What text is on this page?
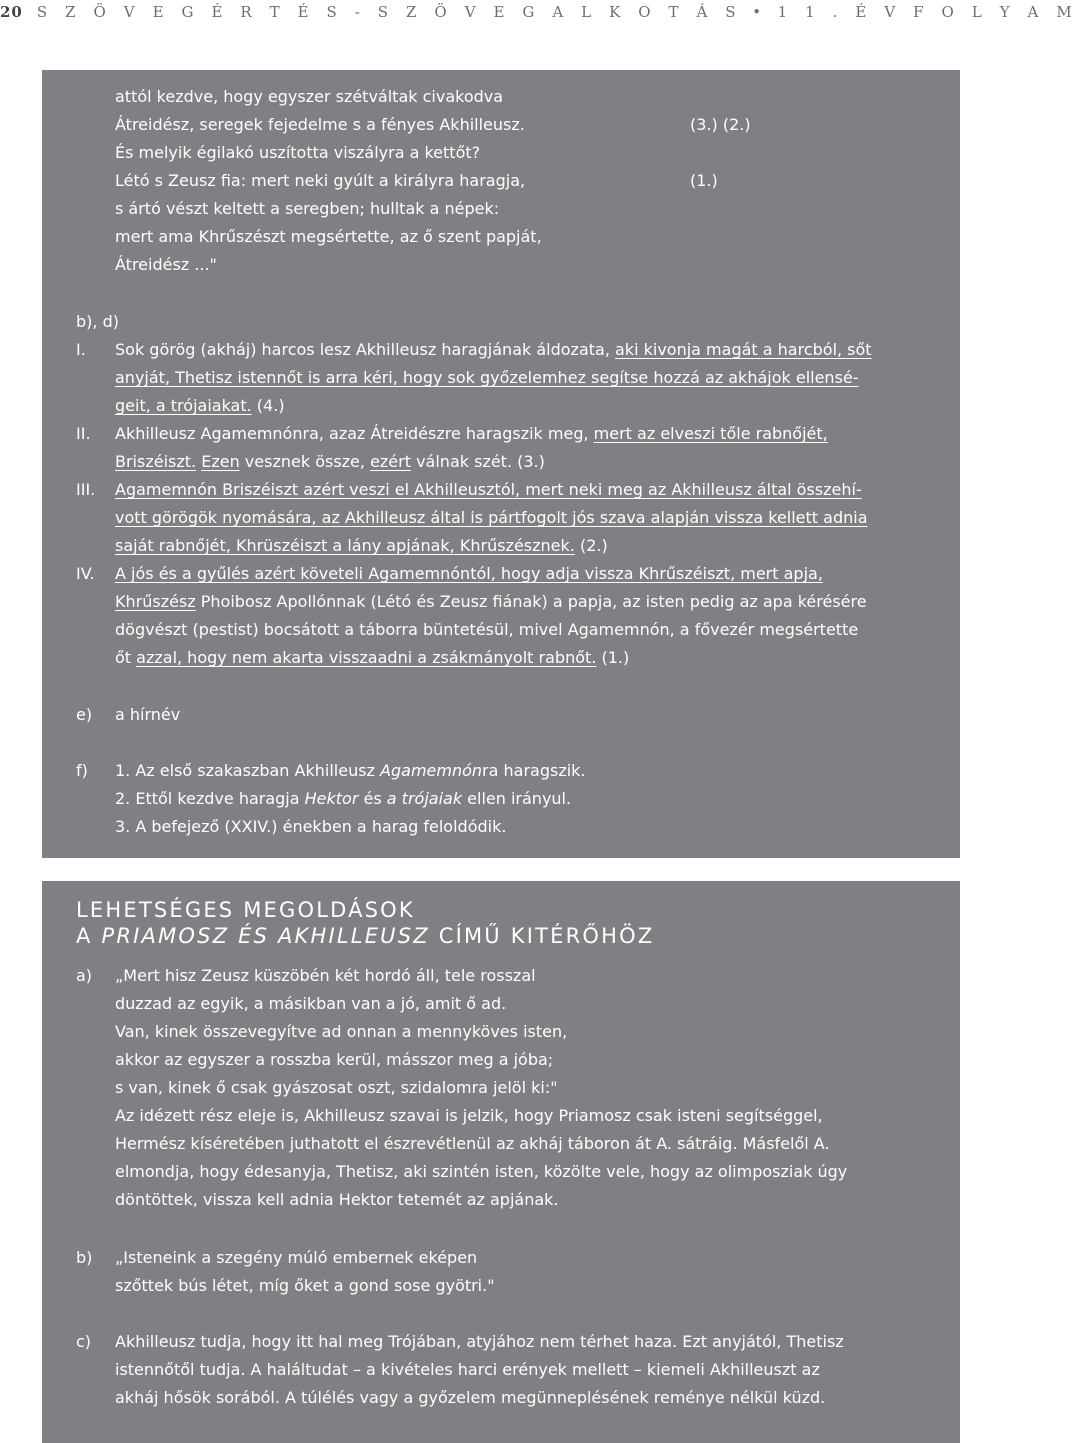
20 S Z Ö V E G É R T É S - S Z Ö V E G A L K O T Á S • 1 1 . É V F O L Y A M
attól kezdve, hogy egyszer szétváltak civakodva
Átreidész, seregek fejedelme s a fényes Akhilleusz.
És melyik égilakó uszította viszályra a kettőt?
Létó s Zeusz fia: mert neki gyúlt a királyra haragja,
s ártó vészt keltett a seregben; hulltak a népek:
mert ama Khrűszészt megsértette, az ő szent papját,
Átreidész ..."
(3.) (2.)
(1.)
b), d)
I. Sok görög (akháj) harcos lesz Akhilleusz haragjának áldozata, aki kivonja magát a harcból, sőt
anyját, Thetisz istennőt is arra kéri, hogy sok győzelemhez segítse hozzá az akhájok ellensé-
geit, a trójaiakat. (4.)
II. Akhilleusz Agamemnónra, azaz Átreidészre haragszik meg, mert az elveszi tőle rabnőjét,
Briszéiszt. Ezen vesznek össze, ezért válnak szét. (3.)
III. Agamemnón Briszéiszt azért veszi el Akhilleusztól, mert neki meg az Akhilleusz által összehí-
vott görögök nyomására, az Akhilleusz által is pártfogolt jós szava alapján vissza kellett adnia
saját rabnőjét, Khrüszéiszt a lány apjának, Khrűszésznek. (2.)
IV. A jós és a gyűlés azért követeli Agamemnóntól, hogy adja vissza Khrűszéiszt, mert apja,
Khrűszész Phoibosz Apollónnak (Létó és Zeusz fiának) a papja, az isten pedig az apa kérésére
dögvészt (pestist) bocsátott a táborra büntetésül, mivel Agamemnón, a fővezér megsértette
őt azzal, hogy nem akarta visszaadni a zsákmányolt rabnőt. (1.)
e) a hírnév
f) 1. Az első szakaszban Akhilleusz Agamemnónra haragszik.
2. Ettől kezdve haragja Hektor és a trójaiak ellen irányul.
3. A befejező (XXIV.) énekben a harag feloldódik.
LEHETSÉGES MEGOLDÁSOK
A PRIAMOSZ ÉS AKHILLEUSZ CÍMŰ KITÉRŐHÖZ
a) „Mert hisz Zeusz küszöbén két hordó áll, tele rosszal
duzzad az egyik, a másikban van a jó, amit ő ad.
Van, kinek összevegyítve ad onnan a mennyköves isten,
akkor az egyszer a rosszba kerül, másszor meg a jóba;
s van, kinek ő csak gyászosat oszt, szidalomra jelöl ki:"
Az idézett rész eleje is, Akhilleusz szavai is jelzik, hogy Priamosz csak isteni segítséggel,
Hermész kíséretében juthatott el észrevétlenül az akháj táboron át A. sátráig. Másfelől A.
elmondja, hogy édesanyja, Thetisz, aki szintén isten, közölte vele, hogy az olimposziak úgy
döntöttek, vissza kell adnia Hektor tetemét az apjának.
b) „Isteneink a szegény múló embernek eképen
szőttek bús létet, míg őket a gond sose gyötri."
c) Akhilleusz tudja, hogy itt hal meg Trójában, atyjához nem térhet haza. Ezt anyjától, Thetisz
istennőtől tudja. A haláltudat – a kivételes harci erények mellett – kiemeli Akhilleuszt az
akháj hősök sorából. A túlélés vagy a győzelem megünneplésének reménye nélkül küzd.
